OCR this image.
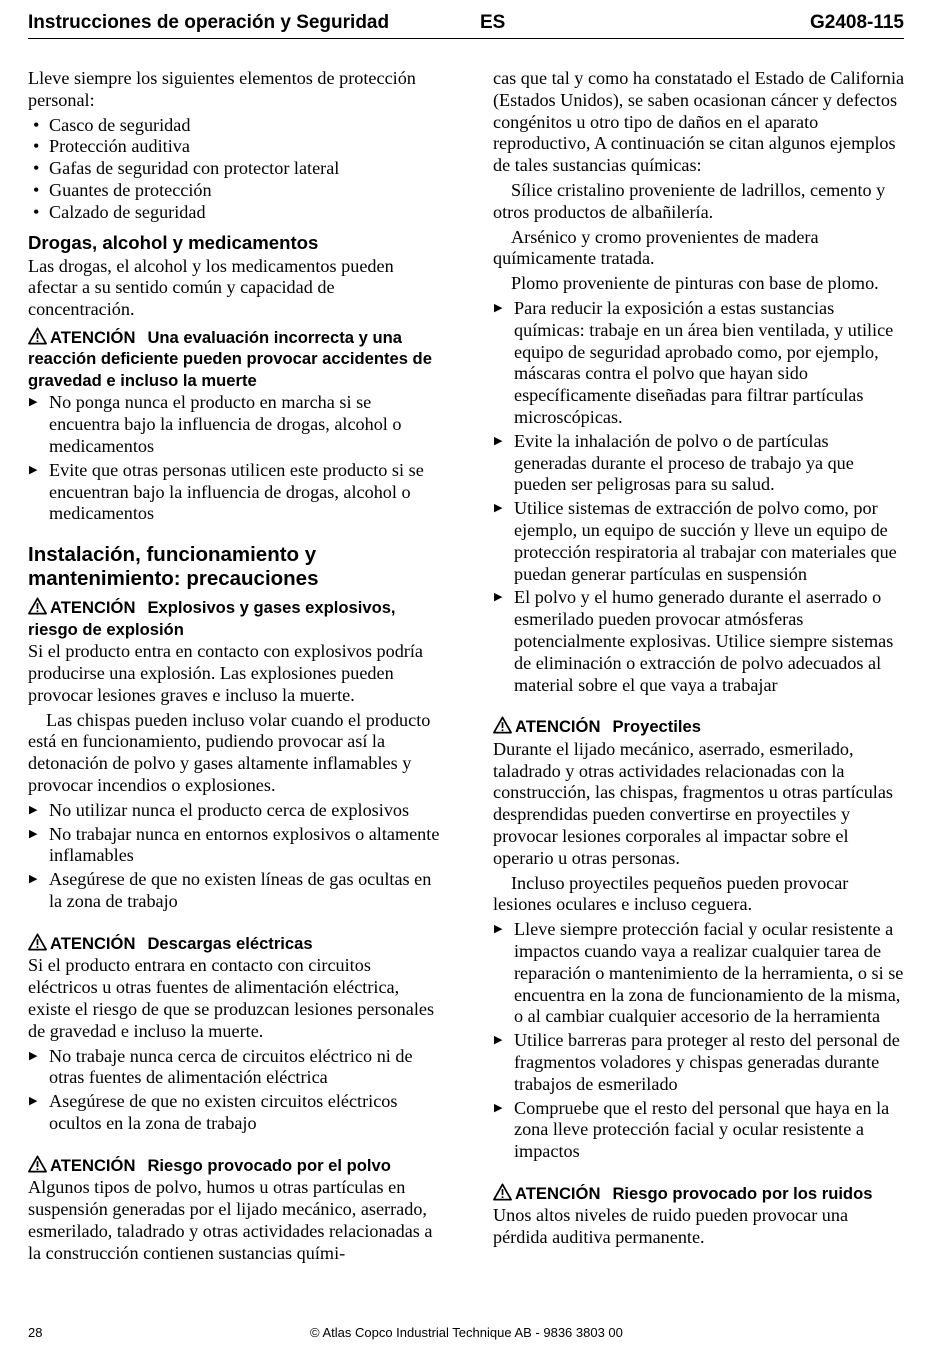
Instrucciones de operación y Seguridad	ES	G2408-115

Lleve siempre los siguientes elementos de protección personal:

• Casco de seguridad
• Protección auditiva
• Gafas de seguridad con protector lateral
• Guantes de protección
• Calzado de seguridad
Drogas, alcohol y medicamentos

Las drogas, el alcohol y los medicamentos pueden afectar a su sentido común y capacidad de concentración.

ATENCIÓN Una evaluación incorrecta y una reacción deficiente pueden provocar accidentes de gravedad e incluso la muerte
▶ No ponga nunca el producto en marcha si se encuentra bajo la influencia de drogas, alcohol o medicamentos
▶ Evite que otras personas utilicen este producto si se encuentran bajo la influencia de drogas, alcohol o medicamentos
Instalación, funcionamiento y mantenimiento: precauciones
ATENCIÓN Explosivos y gases explosivos, riesgo de explosión

Si el producto entra en contacto con explosivos podría producirse una explosión. Las explosiones pueden provocar lesiones graves e incluso la muerte.

Las chispas pueden incluso volar cuando el producto está en funcionamiento, pudiendo provocar así la detonación de polvo y gases altamente inflamables y provocar incendios o explosiones.

▶ No utilizar nunca el producto cerca de explosivos
▶ No trabajar nunca en entornos explosivos o altamente inflamables
▶ Asegúrese de que no existen líneas de gas ocultas en la zona de trabajo
ATENCIÓN Descargas eléctricas

Si el producto entrara en contacto con circuitos eléctricos u otras fuentes de alimentación eléctrica, existe el riesgo de que se produzcan lesiones personales de gravedad e incluso la muerte.

▶ No trabaje nunca cerca de circuitos eléctrico ni de otras fuentes de alimentación eléctrica
▶ Asegúrese de que no existen circuitos eléctricos ocultos en la zona de trabajo
ATENCIÓN Riesgo provocado por el polvo

Algunos tipos de polvo, humos u otras partículas en suspensión generadas por el lijado mecánico, aserrado, esmerilado, taladrado y otras actividades relacionadas a la construcción contienen sustancias quími-

cas que tal y como ha constatado el Estado de California (Estados Unidos), se saben ocasionan cáncer y defectos congénitos u otro tipo de daños en el aparato reproductivo, A continuación se citan algunos ejemplos de tales sustancias químicas:

Sílice cristalino proveniente de ladrillos, cemento y otros productos de albañilería.

Arsénico y cromo provenientes de madera químicamente tratada.

Plomo proveniente de pinturas con base de plomo.

▶ Para reducir la exposición a estas sustancias químicas: trabaje en un área bien ventilada, y utilice equipo de seguridad aprobado como, por ejemplo, máscaras contra el polvo que hayan sido específicamente diseñadas para filtrar partículas microscópicas.
▶ Evite la inhalación de polvo o de partículas generadas durante el proceso de trabajo ya que pueden ser peligrosas para su salud.
▶ Utilice sistemas de extracción de polvo como, por ejemplo, un equipo de succión y lleve un equipo de protección respiratoria al trabajar con materiales que puedan generar partículas en suspensión
▶ El polvo y el humo generado durante el aserrado o esmerilado pueden provocar atmósferas potencialmente explosivas. Utilice siempre sistemas de eliminación o extracción de polvo adecuados al material sobre el que vaya a trabajar
ATENCIÓN Proyectiles

Durante el lijado mecánico, aserrado, esmerilado, taladrado y otras actividades relacionadas con la construcción, las chispas, fragmentos u otras partículas desprendidas pueden convertirse en proyectiles y provocar lesiones corporales al impactar sobre el operario u otras personas.

Incluso proyectiles pequeños pueden provocar lesiones oculares e incluso ceguera.

▶ Lleve siempre protección facial y ocular resistente a impactos cuando vaya a realizar cualquier tarea de reparación o mantenimiento de la herramienta, o si se encuentra en la zona de funcionamiento de la misma, o al cambiar cualquier accesorio de la herramienta
▶ Utilice barreras para proteger al resto del personal de fragmentos voladores y chispas generadas durante trabajos de esmerilado
▶ Compruebe que el resto del personal que haya en la zona lleve protección facial y ocular resistente a impactos
ATENCIÓN Riesgo provocado por los ruidos

Unos altos niveles de ruido pueden provocar una pérdida auditiva permanente.

28	© Atlas Copco Industrial Technique AB - 9836 3803 00
